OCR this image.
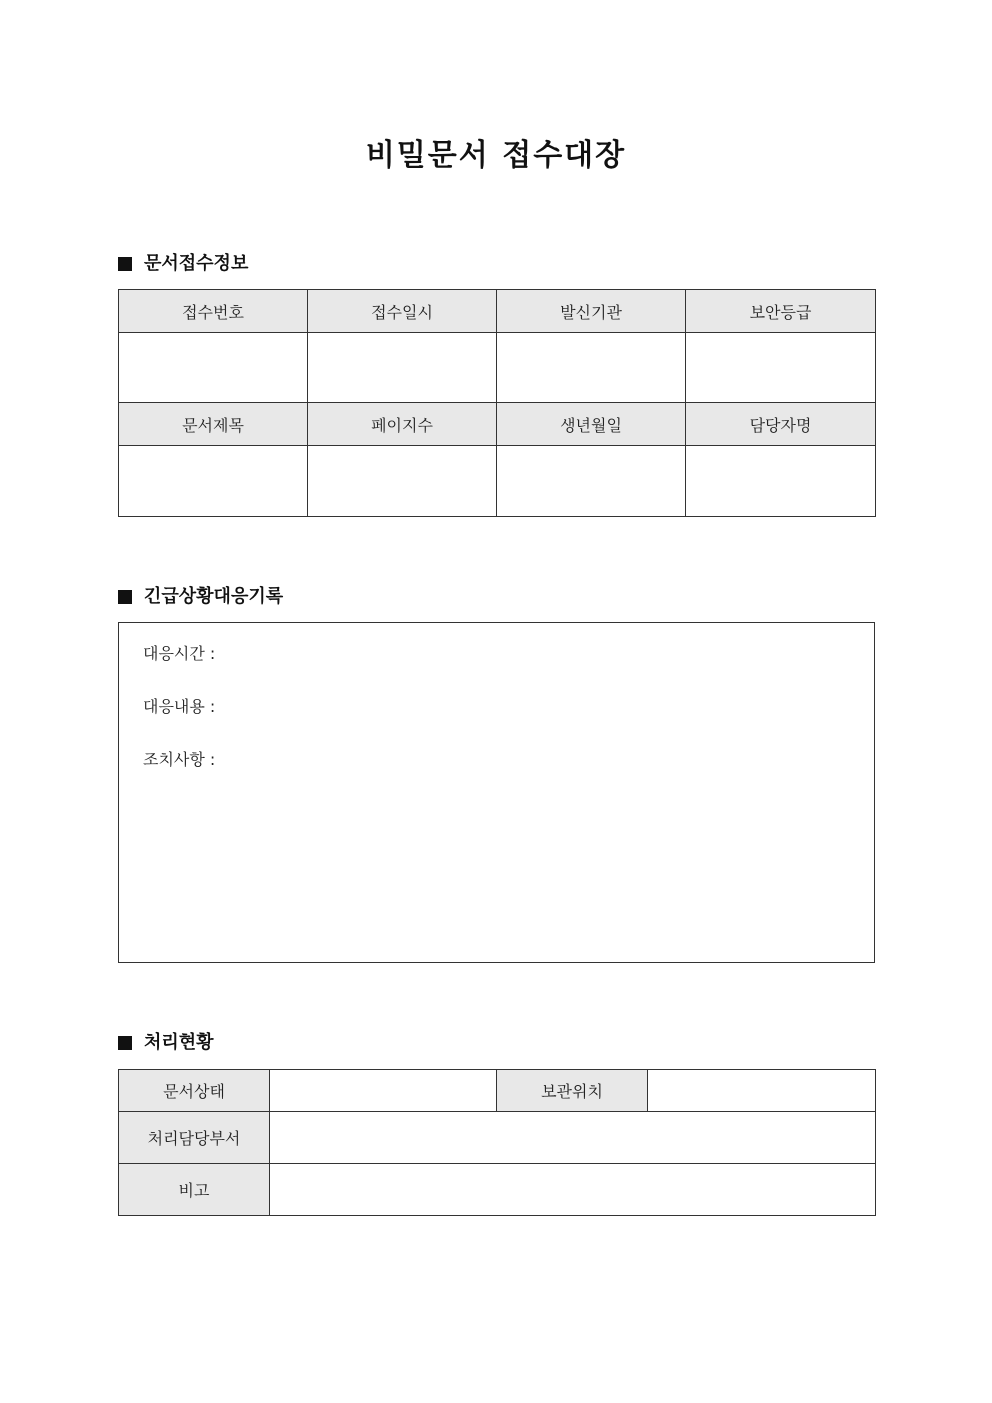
비밀문서 접수대장
문서접수정보
접수번호	접수일시	발신기관	보안등급

문서제목	페이지수	생년월일	담당자명

긴급상황대응기록
대응시간 :
대응내용 :
조치사항 :
처리현황
문서상태		보관위치	
처리담당부서			
비고			
